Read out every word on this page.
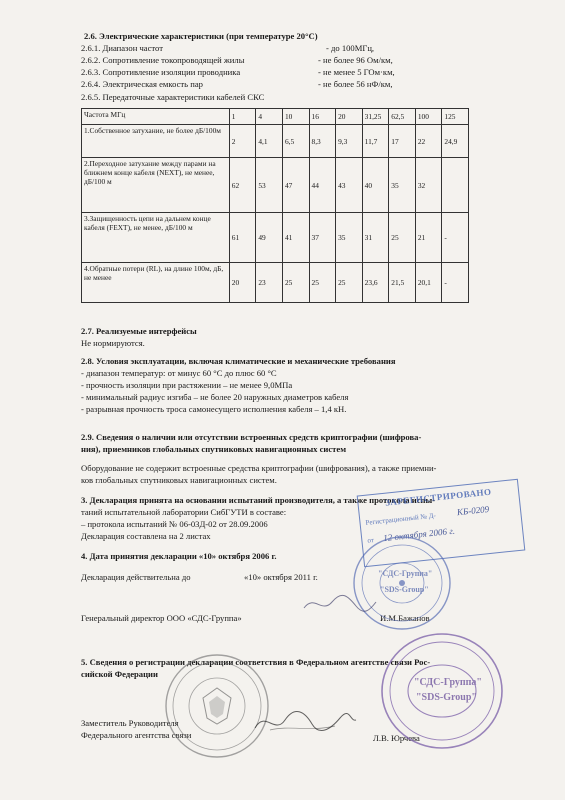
2.6. Электрические характеристики (при температуре 20°С)
2.6.1. Диапазон частот	- до 100МГц,
2.6.2. Сопротивление токопроводящей жилы	- не более 96 Ом/км,
2.6.3. Сопротивление изоляции проводника	- не менее 5 ГОм·км,
2.6.4. Электрическая емкость пар	- не более 56 нФ/км,
2.6.5. Передаточные характеристики кабелей СКС
Частота МГц	1	4	10	16	20	31,25	62,5	100	125
1.Собственное затухание, не более дБ/100м	2	4,1	6,5	8,3	9,3	11,7	17	22	24,9
2.Переходное затухание между парами на ближнем конце кабеля (NEXT), не менее, дБ/100 м	62	53	47	44	43	40	35	32	
3.Защищенность цепи на дальнем конце кабеля (FEXT), не менее, дБ/100 м	61	49	41	37	35	31	25	21	-
4.Обратные потери (RL), на длине 100м, дБ, не менее	20	23	25	25	25	23,6	21,5	20,1	-
2.7. Реализуемые интерфейсы
Не нормируются.
2.8. Условия эксплуатации, включая климатические и механические требования
- диапазон температур: от минус 60 °С до плюс 60 °С
- прочность изоляции при растяжении – не менее 9,0МПа
- минимальный радиус изгиба – не более 20 наружных диаметров кабеля
- разрывная прочность троса самонесущего исполнения кабеля – 1,4 кН.
2.9. Сведения о наличии или отсутствии встроенных средств криптографии (шифрова-
ния), приемников глобальных спутниковых навигационных систем
Оборудование не содержит встроенные средства криптографии (шифрования), а также приемни-
ков глобальных спутниковых навигационных систем.
3. Декларация принята на основании испытаний производителя, а также протокола испы-
таний испытательной лаборатории СибГУТИ в составе:
– протокола испытаний № 06-03Д-02 от 28.09.2006
Декларация составлена на 2 листах
4. Дата принятия декларации «10» октября 2006 г.
Декларация действительна до	«10» октября 2011 г.
Генеральный директор ООО «СДС-Группа»	И.М.Бажанов
5. Сведения о регистрации декларации соответствия в Федеральном агентстве связи Рос-
сийской Федерации
Заместитель Руководителя
Федерального агентства связи	Л.В. Юрчева
ЗАРЕГИСТРИРОВАНО
Регистрационный № Д-
КБ-0209
от 12 октября 2006 г.
"СДС-Группа"
"SDS-Group"
"СДС-Группа"
"SDS-Group"
